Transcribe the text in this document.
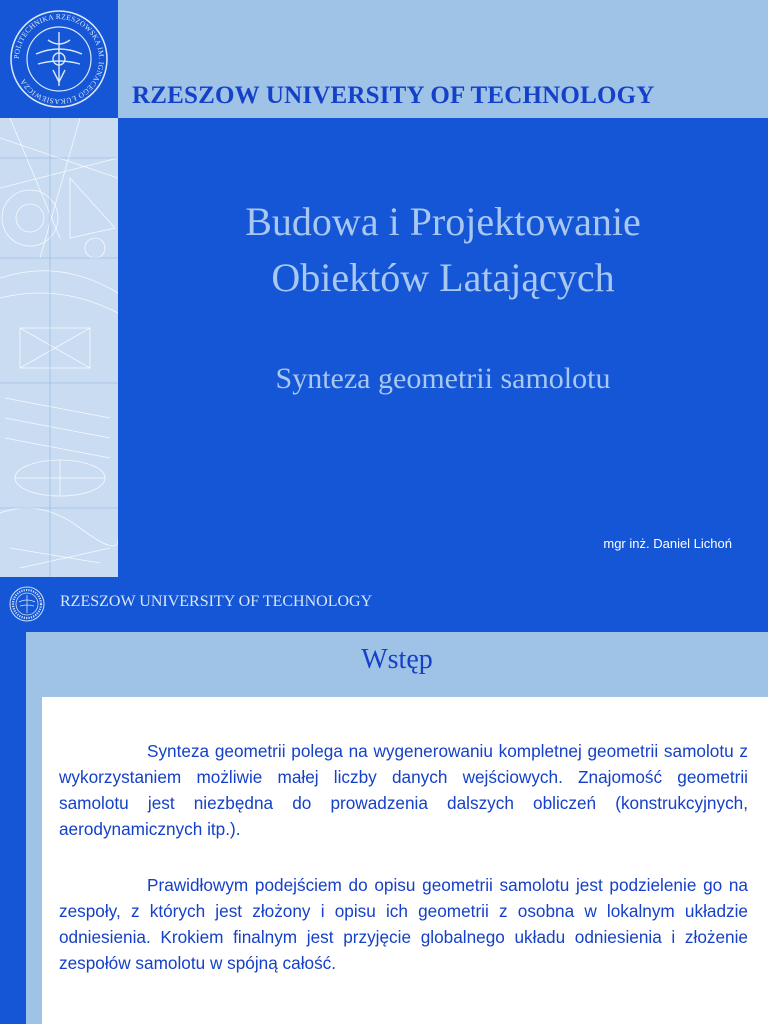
POLITECHNIKA RZESZOWSKA IM. IGNACEGO ŁUKASIEWICZA	RZESZOW UNIVERSITY OF TECHNOLOGY
Budowa i Projektowanie
Obiektów Latających
Synteza geometrii samolotu
mgr inż. Daniel Lichoń
RZESZOW UNIVERSITY OF TECHNOLOGY
Wstęp

Synteza geometrii polega na wygenerowaniu kompletnej geometrii samolotu z wykorzystaniem możliwie małej liczby danych wejściowych. Znajomość geometrii samolotu jest niezbędna do prowadzenia dalszych obliczeń (konstrukcyjnych, aerodynamicznych itp.).

Prawidłowym podejściem do opisu geometrii samolotu jest podzielenie go na zespoły, z których jest złożony i opisu ich geometrii z osobna w lokalnym układzie odniesienia. Krokiem finalnym jest przyjęcie globalnego układu odniesienia i złożenie zespołów samolotu w spójną całość.
